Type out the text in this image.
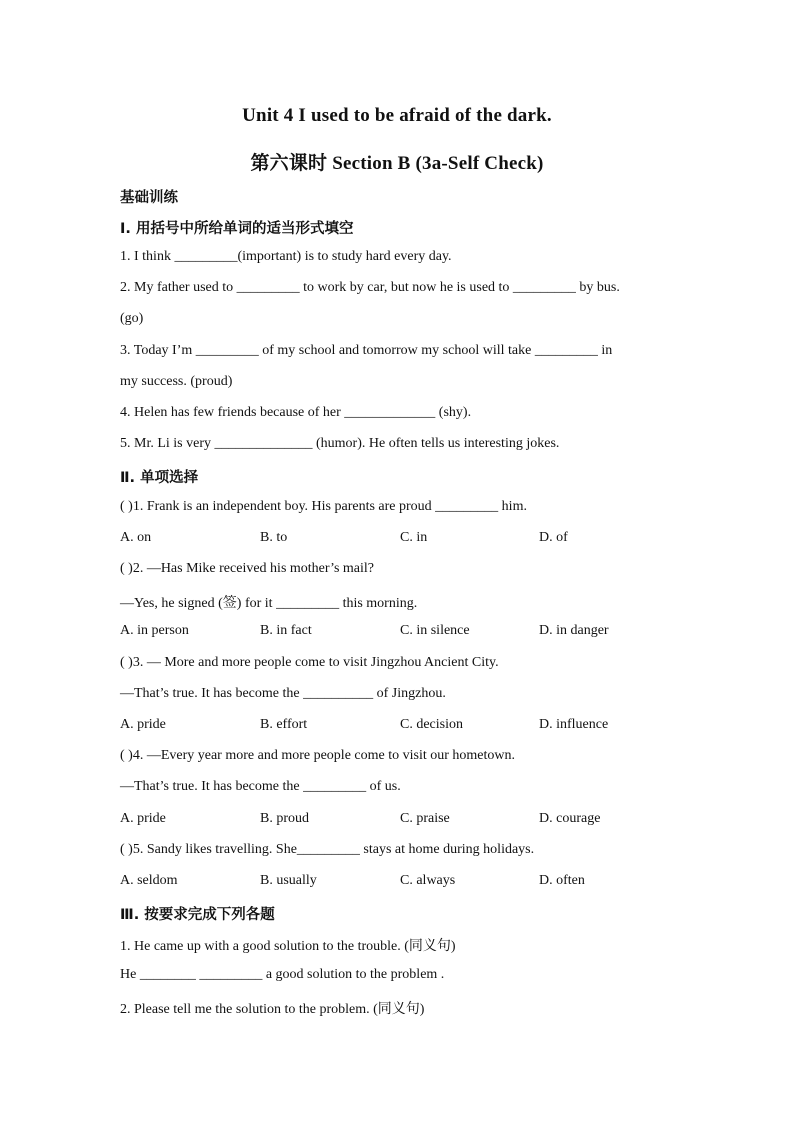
Unit 4 I used to be afraid of the dark.
第六课时 Section B (3a-Self Check)
基础训练
Ⅰ. 用括号中所给单词的适当形式填空
1. I think _________(important) is to study hard every day.
2. My father used to _________ to work by car, but now he is used to _________ by bus.
(go)
3. Today I’m _________ of my school and tomorrow my school will take _________ in
my success. (proud)
4. Helen has few friends because of her _____________ (shy).
5. Mr. Li is very ______________ (humor). He often tells us interesting jokes.
Ⅱ. 单项选择
( )1. Frank is an independent boy. His parents are proud _________ him.
A. on	B. to	C. in	D. of
( )2. —Has Mike received his mother’s mail?
—Yes, he signed (签) for it _________ this morning.
A. in person	B. in fact	C. in silence	D. in danger
( )3. — More and more people come to visit Jingzhou Ancient City.
—That’s true. It has become the __________ of Jingzhou.
A. pride	B. effort	C. decision	D. influence
( )4. —Every year more and more people come to visit our hometown.
—That’s true. It has become the _________ of us.
A. pride	B. proud	C. praise	D. courage
( )5. Sandy likes travelling. She_________ stays at home during holidays.
A. seldom	B. usually	C. always	D. often
Ⅲ. 按要求完成下列各题
1. He came up with a good solution to the trouble. (同义句)
He ________ _________ a good solution to the problem .
2. Please tell me the solution to the problem. (同义句)
